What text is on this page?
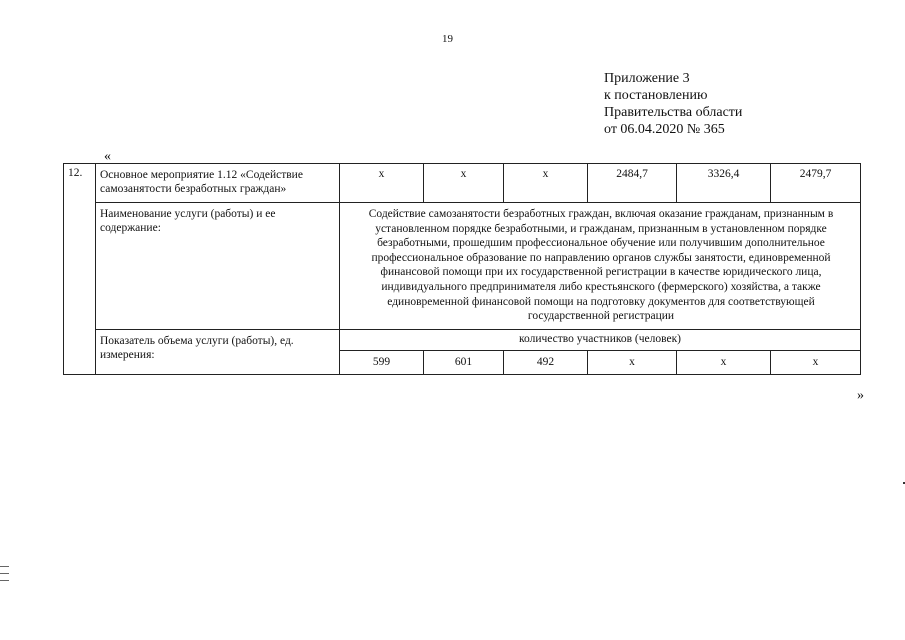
19
Приложение 3
к постановлению
Правительства области
от 06.04.2020 № 365
«
12.	Основное мероприятие 1.12 «Содействие самозанятости безработных граждан»	х	х	х	2484,7	3326,4	2479,7
	Наименование услуги (работы) и ее содержание:	Содействие самозанятости безработных граждан, включая оказание гражданам, признанным в установленном порядке безработными, и гражданам, признанным в установленном порядке безработными, прошедшим профессиональное обучение или получившим дополнительное профессиональное образование по направлению органов службы занятости, единовременной финансовой помощи при их государственной регистрации в качестве юридического лица, индивидуального предпринимателя либо крестьянского (фермерского) хозяйства, а также единовременной финансовой помощи на подготовку документов для соответствующей государственной регистрации					
	Показатель объема услуги (работы), ед. измерения:	количество участников (человек)					
		599	601	492	х	х	х
»
